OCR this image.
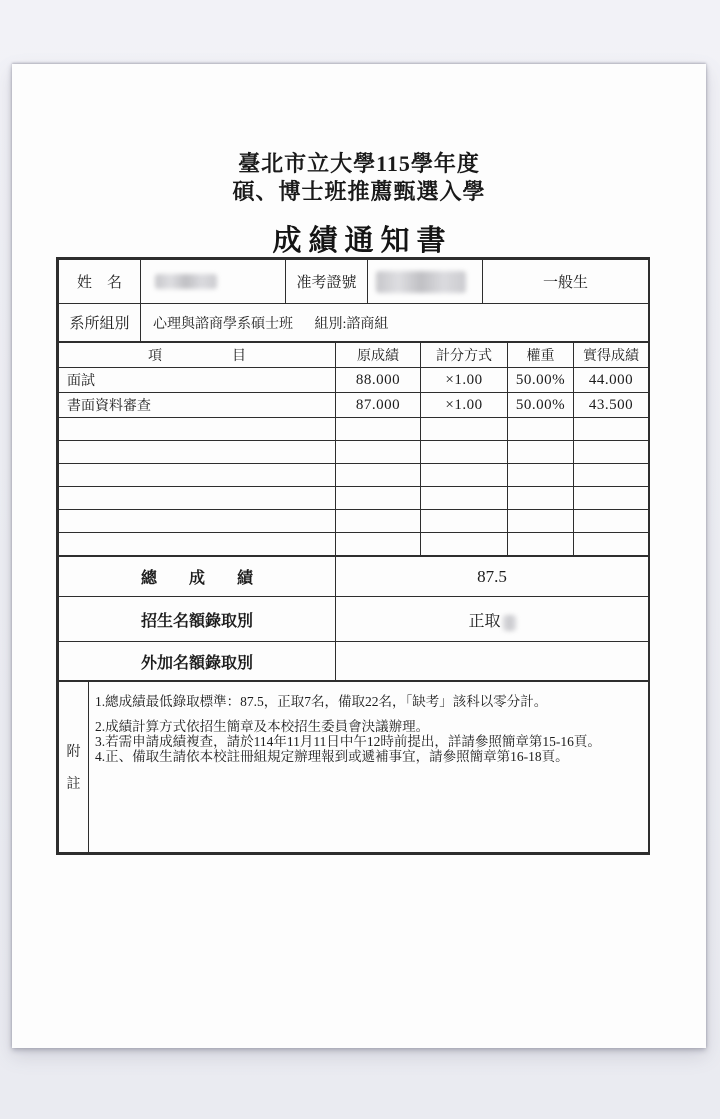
臺北市立大學115學年度
碩、博士班推薦甄選入學
成績通知書
姓　名		准考證號		一般生
系所組別	心理與諮商學系碩士班 組別:諮商組			
項　　　　　目	原成績	計分方式	權重	實得成績
面試	88.000	×1.00	50.00%	44.000
書面資料審查	87.000	×1.00	50.00%	43.500

總　　成　　績	87.5
招生名額錄取別	正取
外加名額錄取別	
附
註

1.總成績最低錄取標準：87.5，正取7名，備取22名，「缺考」該科以零分計。
2.成績計算方式依招生簡章及本校招生委員會決議辦理。
3.若需申請成績複查，請於114年11月11日中午12時前提出，詳請參照簡章第15-16頁。
4.正、備取生請依本校註冊組規定辦理報到或遞補事宜，請參照簡章第16-18頁。
